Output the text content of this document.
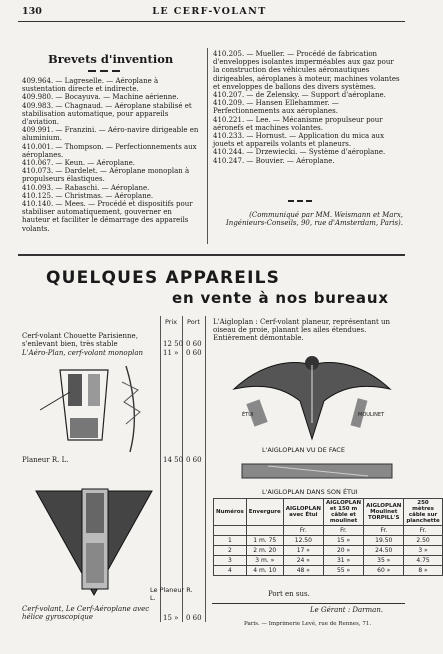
130	LE CERF-VOLANT
Brevets d'invention

409.964. — Lagreselle. — Aéroplane à sustentation directe et indirecte.

409.980. — Bocayuva. — Machine aérienne.

409.983. — Chagnaud. — Aéroplane stabilisé et stabilisation automatique, pour appareils d'aviation.

409.991. — Franzini. — Aéro-navire dirigeable en aluminium.

410.001. — Thompson. — Perfectionnements aux aéroplanes.

410.067. — Keun. — Aéroplane.

410.073. — Dardelet. — Aéroplane monoplan à propulseurs élastiques.

410.093. — Rabaschi. — Aéroplane.

410.125. — Christmas. — Aéroplane.

410.140. — Mees. — Procédé et dispositifs pour stabiliser automatiquement, gouverner en hauteur et faciliter le démarrage des appareils volants.

410.205. — Mueller. — Procédé de fabrication d'enveloppes isolantes imperméables aux gaz pour la construction des véhicules aéronautiques dirigeables, aéroplanes à moteur, machines volantes et enveloppes de ballons des divers systèmes.

410.207. — de Zelensky. — Support d'aéroplane.

410.209. — Hansen Ellehammer. — Perfectionnements aux aéroplanes.

410.221. — Lee. — Mécanisme propulseur pour aéronefs et machines volantes.

410.233. — Hornust. — Application du mica aux jouets et appareils volants et planeurs.

410.244. — Drzewiecki. — Système d'aéroplane.

410.247. — Bouvier. — Aéroplane.

(Communiqué par MM. Weismann et Marx, Ingénieurs-Conseils, 90, rue d'Amsterdam, Paris).
QUELQUES APPAREILS
en vente à nos bureaux
Prix Port
Cerf-volant Chouette Parisienne, s'enlevant bien, très stable	12 50 0 60
L'Aéro-Plan, cerf-volant monoplan	11 » 0 60
Planeur R. L.	14 50 0 60
Le Planeur R. L.
Cerf-volant, Le Cerf-Aéroplane avec hélice gyroscopique	15 » 0 60
L'Aigloplan : Cerf-volant planeur, représentant un oiseau de proie, planant les ailes étendues. Entièrement démontable.
ÉTUI	MOULINET
L'AIGLOPLAN VU DE FACE
L'AIGLOPLAN DANS SON ÉTUI
Numéros	Envergure	AIGLOPLAN avec Étui	AIGLOPLAN et 150 m câble et moulinet	AIGLOPLAN Moulinet TORPILL'S	250 mètres câble sur planchette
		Fr.	Fr.	Fr.	Fr.
1	1 m. 75	12.50	15 »	19.50	2.50
2	2 m. 20	17 »	20 »	24.50	3 »
3	3 m. »	24 »	31 »	35 »	4.75
4	4 m. 10	48 »	55 »	60 »	8 »
Port en sus.
Le Gérant : Darman.
Paris. — Imprimerie Levé, rue de Rennes, 71.
